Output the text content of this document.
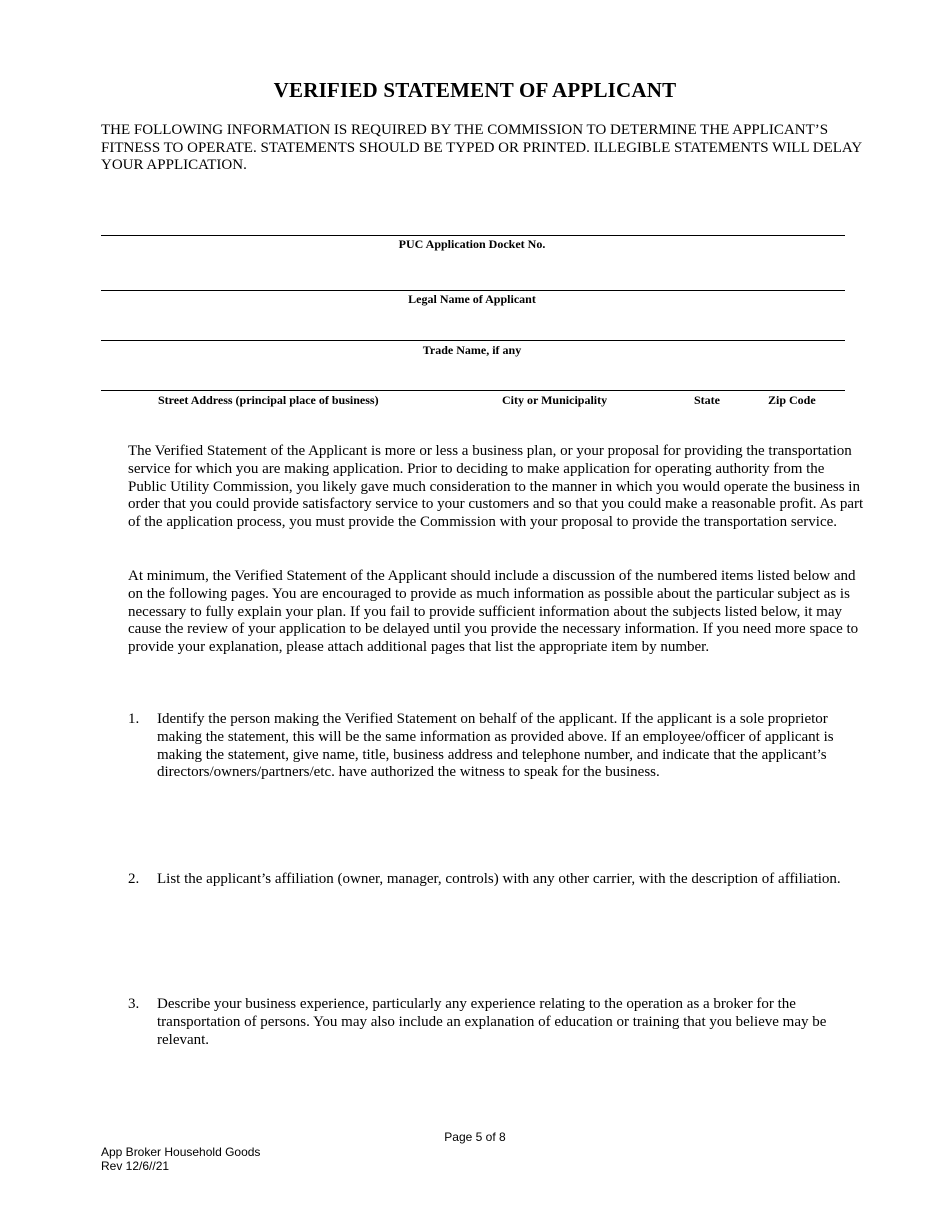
VERIFIED STATEMENT OF APPLICANT
THE FOLLOWING INFORMATION IS REQUIRED BY THE COMMISSION TO DETERMINE THE APPLICANT’S FITNESS TO OPERATE. STATEMENTS SHOULD BE TYPED OR PRINTED. ILLEGIBLE STATEMENTS WILL DELAY YOUR APPLICATION.
PUC Application Docket No.
Legal Name of Applicant
Trade Name, if any
Street Address (principal place of business)	City or Municipality	State	Zip Code
The Verified Statement of the Applicant is more or less a business plan, or your proposal for providing the transportation service for which you are making application. Prior to deciding to make application for operating authority from the Public Utility Commission, you likely gave much consideration to the manner in which you would operate the business in order that you could provide satisfactory service to your customers and so that you could make a reasonable profit. As part of the application process, you must provide the Commission with your proposal to provide the transportation service.
At minimum, the Verified Statement of the Applicant should include a discussion of the numbered items listed below and on the following pages. You are encouraged to provide as much information as possible about the particular subject as is necessary to fully explain your plan. If you fail to provide sufficient information about the subjects listed below, it may cause the review of your application to be delayed until you provide the necessary information. If you need more space to provide your explanation, please attach additional pages that list the appropriate item by number.
1. Identify the person making the Verified Statement on behalf of the applicant. If the applicant is a sole proprietor making the statement, this will be the same information as provided above. If an employee/officer of applicant is making the statement, give name, title, business address and telephone number, and indicate that the applicant’s directors/owners/partners/etc. have authorized the witness to speak for the business.
2. List the applicant’s affiliation (owner, manager, controls) with any other carrier, with the description of affiliation.
3. Describe your business experience, particularly any experience relating to the operation as a broker for the transportation of persons. You may also include an explanation of education or training that you believe may be relevant.
Page 5 of 8
App Broker Household Goods
Rev 12/6//21
